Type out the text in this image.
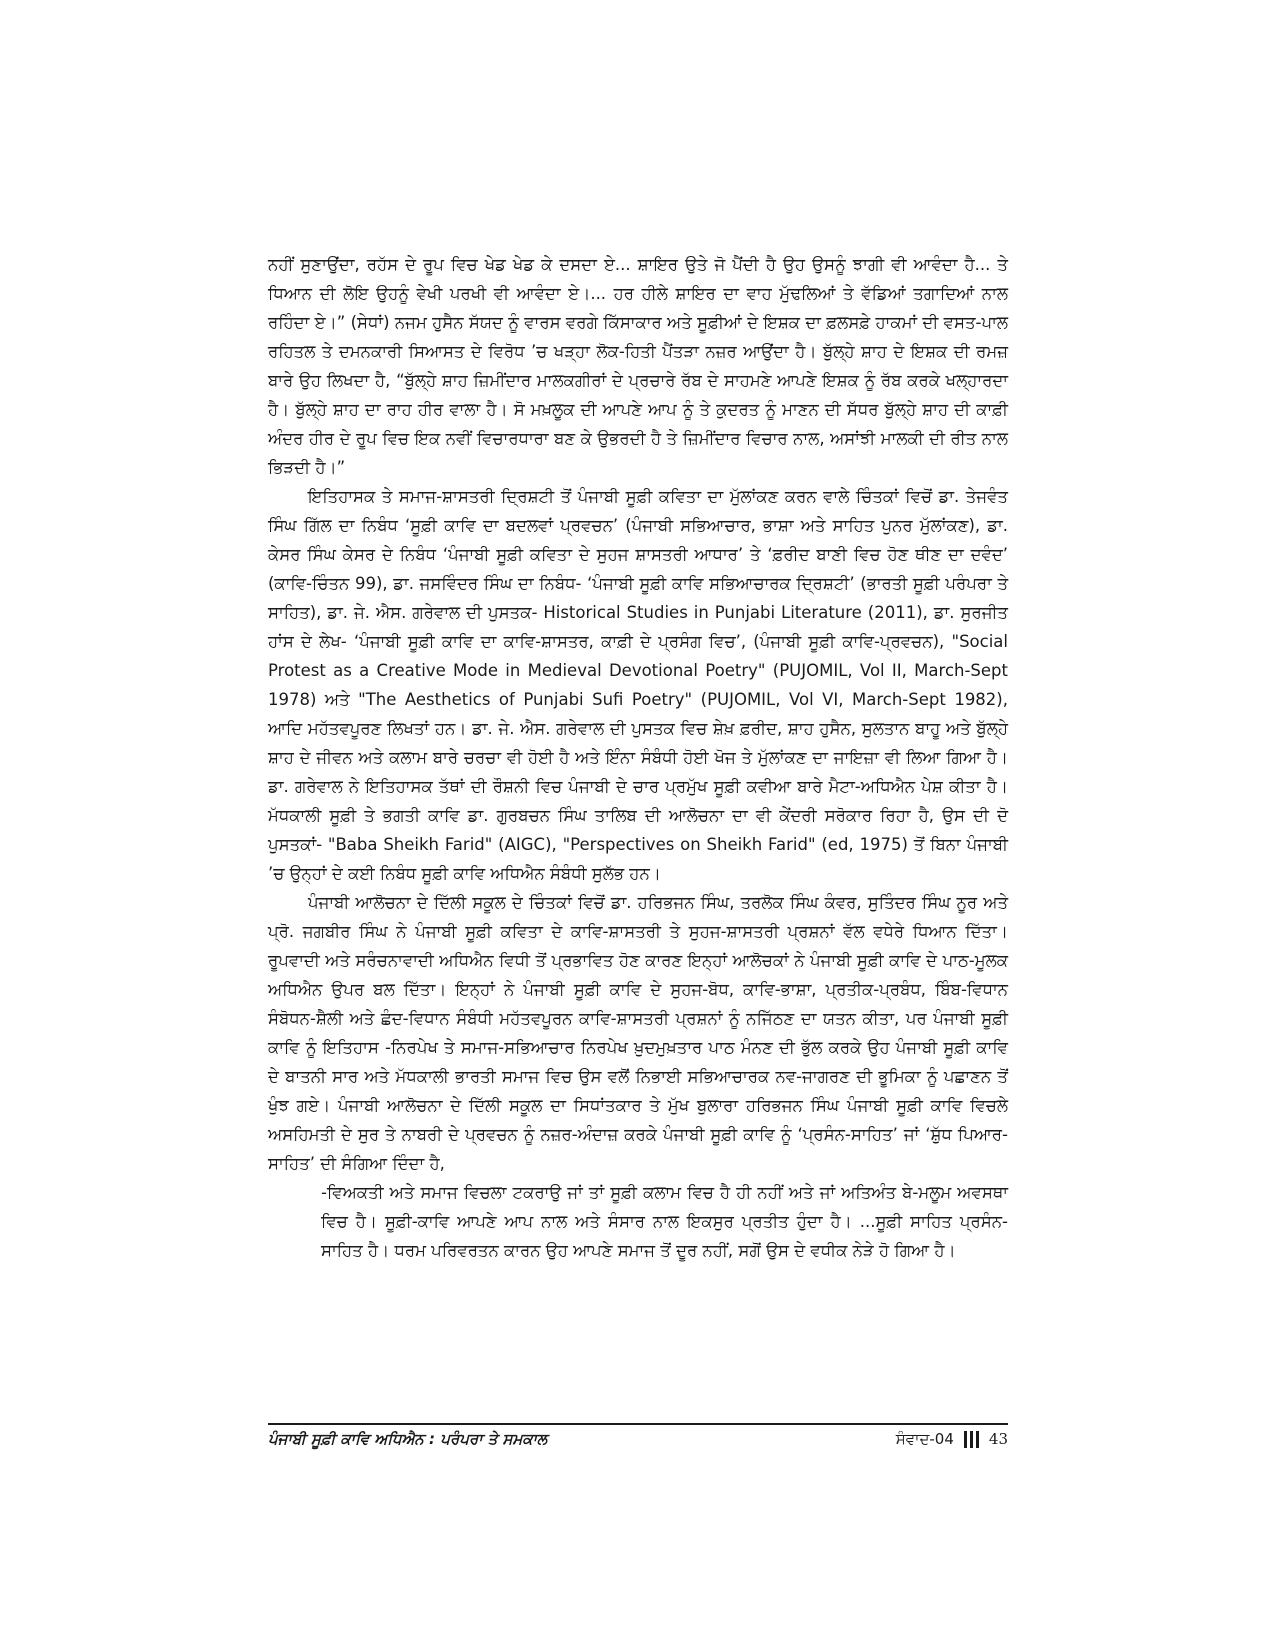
ਨਹੀਂ ਸੁਣਾਉਂਦਾ, ਰਹੱਸ ਦੇ ਰੂਪ ਵਿਚ ਖੇਡ ਖੇਡ ਕੇ ਦਸਦਾ ਏ... ਸ਼ਾਇਰ ਉਤੇ ਜੋ ਪੈਂਦੀ ਹੈ ਉਹ ਉਸਨੂੰ ਝਾਗੀ ਵੀ ਆਵੰਦਾ ਹੈ... ਤੇ ਧਿਆਨ ਦੀ ਲੋਇ ਉਹਨੂੰ ਵੇਖੀ ਪਰਖੀ ਵੀ ਆਵੰਦਾ ਏ।... ਹਰ ਹੀਲੇ ਸ਼ਾਇਰ ਦਾ ਵਾਹ ਮੁੱਢਲਿਆਂ ਤੇ ਵੱਡਿਆਂ ਤਗਾਦਿਆਂ ਨਾਲ ਰਹਿੰਦਾ ਏ।” (ਸੇਧਾਂ) ਨਜਮ ਹੁਸੈਨ ਸੱਯਦ ਨੂੰ ਵਾਰਸ ਵਰਗੇ ਕਿੱਸਾਕਾਰ ਅਤੇ ਸੂਫ਼ੀਆਂ ਦੇ ਇਸ਼ਕ ਦਾ ਫ਼ਲਸਫ਼ੇ ਹਾਕਮਾਂ ਦੀ ਵਸਤ-ਪਾਲ ਰਹਿਤਲ ਤੇ ਦਮਨਕਾਰੀ ਸਿਆਸਤ ਦੇ ਵਿਰੋਧ ’ਚ ਖੜ੍ਹਾ ਲੋਕ-ਹਿਤੀ ਪੈਂਤੜਾ ਨਜ਼ਰ ਆਉਂਦਾ ਹੈ। ਬੁੱਲ੍ਹੇ ਸ਼ਾਹ ਦੇ ਇਸ਼ਕ ਦੀ ਰਮਜ਼ ਬਾਰੇ ਉਹ ਲਿਖਦਾ ਹੈ, “ਬੁੱਲ੍ਹੇ ਸ਼ਾਹ ਜ਼ਿਮੀਂਦਾਰ ਮਾਲਕਗੀਰਾਂ ਦੇ ਪ੍ਰਚਾਰੇ ਰੱਬ ਦੇ ਸਾਹਮਣੇ ਆਪਣੇ ਇਸ਼ਕ ਨੂੰ ਰੱਬ ਕਰਕੇ ਖਲ੍ਹਾਰਦਾ ਹੈ। ਬੁੱਲ੍ਹੇ ਸ਼ਾਹ ਦਾ ਰਾਹ ਹੀਰ ਵਾਲਾ ਹੈ। ਸੋ ਮਖ਼ਲੂਕ ਦੀ ਆਪਣੇ ਆਪ ਨੂੰ ਤੇ ਕੁਦਰਤ ਨੂੰ ਮਾਣਨ ਦੀ ਸੱਧਰ ਬੁੱਲ੍ਹੇ ਸ਼ਾਹ ਦੀ ਕਾਫ਼ੀ ਅੰਦਰ ਹੀਰ ਦੇ ਰੂਪ ਵਿਚ ਇਕ ਨਵੀਂ ਵਿਚਾਰਧਾਰਾ ਬਣ ਕੇ ਉਭਰਦੀ ਹੈ ਤੇ ਜ਼ਿਮੀਂਦਾਰ ਵਿਚਾਰ ਨਾਲ, ਅਸਾਂਝੀ ਮਾਲਕੀ ਦੀ ਰੀਤ ਨਾਲ ਭਿੜਦੀ ਹੈ।”

ਇਤਿਹਾਸਕ ਤੇ ਸਮਾਜ-ਸ਼ਾਸਤਰੀ ਦ੍ਰਿਸ਼ਟੀ ਤੋਂ ਪੰਜਾਬੀ ਸੂਫ਼ੀ ਕਵਿਤਾ ਦਾ ਮੁੱਲਾਂਕਣ ਕਰਨ ਵਾਲੇ ਚਿੰਤਕਾਂ ਵਿਚੋਂ ਡਾ. ਤੇਜਵੰਤ ਸਿੰਘ ਗਿੱਲ ਦਾ ਨਿਬੰਧ ‘ਸੂਫ਼ੀ ਕਾਵਿ ਦਾ ਬਦਲਵਾਂ ਪ੍ਰਵਚਨ’ (ਪੰਜਾਬੀ ਸਭਿਆਚਾਰ, ਭਾਸ਼ਾ ਅਤੇ ਸਾਹਿਤ ਪੁਨਰ ਮੁੱਲਾਂਕਣ), ਡਾ. ਕੇਸਰ ਸਿੰਘ ਕੇਸਰ ਦੇ ਨਿਬੰਧ ‘ਪੰਜਾਬੀ ਸੂਫ਼ੀ ਕਵਿਤਾ ਦੇ ਸੁਹਜ ਸ਼ਾਸਤਰੀ ਆਧਾਰ’ ਤੇ ‘ਫ਼ਰੀਦ ਬਾਣੀ ਵਿਚ ਹੋਣ ਥੀਣ ਦਾ ਦਵੰਦ’ (ਕਾਵਿ-ਚਿੰਤਨ 99), ਡਾ. ਜਸਵਿੰਦਰ ਸਿੰਘ ਦਾ ਨਿਬੰਧ- ‘ਪੰਜਾਬੀ ਸੂਫ਼ੀ ਕਾਵਿ ਸਭਿਆਚਾਰਕ ਦ੍ਰਿਸ਼ਟੀ’ (ਭਾਰਤੀ ਸੂਫ਼ੀ ਪਰੰਪਰਾ ਤੇ ਸਾਹਿਤ), ਡਾ. ਜੇ. ਐਸ. ਗਰੇਵਾਲ ਦੀ ਪੁਸਤਕ- Historical Studies in Punjabi Literature (2011), ਡਾ. ਸੁਰਜੀਤ ਹਾਂਸ ਦੇ ਲੇਖ- ‘ਪੰਜਾਬੀ ਸੂਫ਼ੀ ਕਾਵਿ ਦਾ ਕਾਵਿ-ਸ਼ਾਸਤਰ, ਕਾਫ਼ੀ ਦੇ ਪ੍ਰਸੰਗ ਵਿਚ’, (ਪੰਜਾਬੀ ਸੂਫ਼ੀ ਕਾਵਿ-ਪ੍ਰਵਚਨ), "Social Protest as a Creative Mode in Medieval Devotional Poetry" (PUJOMIL, Vol II, March-Sept 1978) ਅਤੇ "The Aesthetics of Punjabi Sufi Poetry" (PUJOMIL, Vol VI, March-Sept 1982), ਆਦਿ ਮਹੱਤਵਪੂਰਣ ਲਿਖਤਾਂ ਹਨ। ਡਾ. ਜੇ. ਐਸ. ਗਰੇਵਾਲ ਦੀ ਪੁਸਤਕ ਵਿਚ ਸ਼ੇਖ਼ ਫ਼ਰੀਦ, ਸ਼ਾਹ ਹੁਸੈਨ, ਸੁਲਤਾਨ ਬਾਹੂ ਅਤੇ ਬੁੱਲ੍ਹੇ ਸ਼ਾਹ ਦੇ ਜੀਵਨ ਅਤੇ ਕਲਾਮ ਬਾਰੇ ਚਰਚਾ ਵੀ ਹੋਈ ਹੈ ਅਤੇ ਇੰਨਾ ਸੰਬੰਧੀ ਹੋਈ ਖੋਜ ਤੇ ਮੁੱਲਾਂਕਣ ਦਾ ਜਾਇਜ਼ਾ ਵੀ ਲਿਆ ਗਿਆ ਹੈ। ਡਾ. ਗਰੇਵਾਲ ਨੇ ਇਤਿਹਾਸਕ ਤੱਥਾਂ ਦੀ ਰੌਸ਼ਨੀ ਵਿਚ ਪੰਜਾਬੀ ਦੇ ਚਾਰ ਪ੍ਰਮੁੱਖ ਸੂਫ਼ੀ ਕਵੀਆ ਬਾਰੇ ਮੈਟਾ-ਅਧਿਐਨ ਪੇਸ਼ ਕੀਤਾ ਹੈ। ਮੱਧਕਾਲੀ ਸੂਫ਼ੀ ਤੇ ਭਗਤੀ ਕਾਵਿ ਡਾ. ਗੁਰਬਚਨ ਸਿੰਘ ਤਾਲਿਬ ਦੀ ਆਲੋਚਨਾ ਦਾ ਵੀ ਕੇਂਦਰੀ ਸਰੋਕਾਰ ਰਿਹਾ ਹੈ, ਉਸ ਦੀ ਦੋ ਪੁਸਤਕਾਂ- "Baba Sheikh Farid" (AIGC), "Perspectives on Sheikh Farid" (ed, 1975) ਤੋਂ ਬਿਨਾ ਪੰਜਾਬੀ ’ਚ ਉਨ੍ਹਾਂ ਦੇ ਕਈ ਨਿਬੰਧ ਸੂਫ਼ੀ ਕਾਵਿ ਅਧਿਐਨ ਸੰਬੰਧੀ ਸੁਲੱਭ ਹਨ।

ਪੰਜਾਬੀ ਆਲੋਚਨਾ ਦੇ ਦਿੱਲੀ ਸਕੂਲ ਦੇ ਚਿੰਤਕਾਂ ਵਿਚੋਂ ਡਾ. ਹਰਿਭਜਨ ਸਿੰਘ, ਤਰਲੋਕ ਸਿੰਘ ਕੰਵਰ, ਸੁਤਿੰਦਰ ਸਿੰਘ ਨੂਰ ਅਤੇ ਪ੍ਰੋ. ਜਗਬੀਰ ਸਿੰਘ ਨੇ ਪੰਜਾਬੀ ਸੂਫ਼ੀ ਕਵਿਤਾ ਦੇ ਕਾਵਿ-ਸ਼ਾਸਤਰੀ ਤੇ ਸੁਹਜ-ਸ਼ਾਸਤਰੀ ਪ੍ਰਸ਼ਨਾਂ ਵੱਲ ਵਧੇਰੇ ਧਿਆਨ ਦਿੱਤਾ। ਰੂਪਵਾਦੀ ਅਤੇ ਸਰੰਚਨਾਵਾਦੀ ਅਧਿਐਨ ਵਿਧੀ ਤੋਂ ਪ੍ਰਭਾਵਿਤ ਹੋਣ ਕਾਰਣ ਇਨ੍ਹਾਂ ਆਲੋਚਕਾਂ ਨੇ ਪੰਜਾਬੀ ਸੂਫ਼ੀ ਕਾਵਿ ਦੇ ਪਾਠ-ਮੂਲਕ ਅਧਿਐਨ ਉਪਰ ਬਲ ਦਿੱਤਾ। ਇਨ੍ਹਾਂ ਨੇ ਪੰਜਾਬੀ ਸੂਫ਼ੀ ਕਾਵਿ ਦੇ ਸੁਹਜ-ਬੋਧ, ਕਾਵਿ-ਭਾਸ਼ਾ, ਪ੍ਰਤੀਕ-ਪ੍ਰਬੰਧ, ਬਿੰਬ-ਵਿਧਾਨ ਸੰਬੋਧਨ-ਸ਼ੈਲੀ ਅਤੇ ਛੰਦ-ਵਿਧਾਨ ਸੰਬੰਧੀ ਮਹੱਤਵਪੂਰਨ ਕਾਵਿ-ਸ਼ਾਸਤਰੀ ਪ੍ਰਸ਼ਨਾਂ ਨੂੰ ਨਜਿੱਠਣ ਦਾ ਯਤਨ ਕੀਤਾ, ਪਰ ਪੰਜਾਬੀ ਸੂਫ਼ੀ ਕਾਵਿ ਨੂੰ ਇਤਿਹਾਸ -ਨਿਰਪੇਖ ਤੇ ਸਮਾਜ-ਸਭਿਆਚਾਰ ਨਿਰਪੇਖ ਖ਼ੁਦਮੁਖ਼ਤਾਰ ਪਾਠ ਮੰਨਣ ਦੀ ਭੁੱਲ ਕਰਕੇ ਉਹ ਪੰਜਾਬੀ ਸੂਫ਼ੀ ਕਾਵਿ ਦੇ ਬਾਤਨੀ ਸਾਰ ਅਤੇ ਮੱਧਕਾਲੀ ਭਾਰਤੀ ਸਮਾਜ ਵਿਚ ਉਸ ਵਲੋਂ ਨਿਭਾਈ ਸਭਿਆਚਾਰਕ ਨਵ-ਜਾਗਰਣ ਦੀ ਭੂਮਿਕਾ ਨੂੰ ਪਛਾਣਨ ਤੋਂ ਖੁੰਝ ਗਏ। ਪੰਜਾਬੀ ਆਲੋਚਨਾ ਦੇ ਦਿੱਲੀ ਸਕੂਲ ਦਾ ਸਿਧਾਂਤਕਾਰ ਤੇ ਮੁੱਖ ਬੁਲਾਰਾ ਹਰਿਭਜਨ ਸਿੰਘ ਪੰਜਾਬੀ ਸੂਫ਼ੀ ਕਾਵਿ ਵਿਚਲੇ ਅਸਹਿਮਤੀ ਦੇ ਸੁਰ ਤੇ ਨਾਬਰੀ ਦੇ ਪ੍ਰਵਚਨ ਨੂੰ ਨਜ਼ਰ-ਅੰਦਾਜ਼ ਕਰਕੇ ਪੰਜਾਬੀ ਸੂਫ਼ੀ ਕਾਵਿ ਨੂੰ ‘ਪ੍ਰਸੰਨ-ਸਾਹਿਤ’ ਜਾਂ ‘ਸ਼ੁੱਧ ਪਿਆਰ-ਸਾਹਿਤ’ ਦੀ ਸੰਗਿਆ ਦਿੰਦਾ ਹੈ,

-ਵਿਅਕਤੀ ਅਤੇ ਸਮਾਜ ਵਿਚਲਾ ਟਕਰਾਉ ਜਾਂ ਤਾਂ ਸੂਫ਼ੀ ਕਲਾਮ ਵਿਚ ਹੈ ਹੀ ਨਹੀਂ ਅਤੇ ਜਾਂ ਅਤਿਅੰਤ ਬੇ-ਮਲੂਮ ਅਵਸਥਾ ਵਿਚ ਹੈ। ਸੂਫ਼ੀ-ਕਾਵਿ ਆਪਣੇ ਆਪ ਨਾਲ ਅਤੇ ਸੰਸਾਰ ਨਾਲ ਇਕਸੁਰ ਪ੍ਰਤੀਤ ਹੁੰਦਾ ਹੈ। ...ਸੂਫ਼ੀ ਸਾਹਿਤ ਪ੍ਰਸੰਨ-ਸਾਹਿਤ ਹੈ। ਧਰਮ ਪਰਿਵਰਤਨ ਕਾਰਨ ਉਹ ਆਪਣੇ ਸਮਾਜ ਤੋਂ ਦੂਰ ਨਹੀਂ, ਸਗੋਂ ਉਸ ਦੇ ਵਧੀਕ ਨੇੜੇ ਹੋ ਗਿਆ ਹੈ।

ਪੰਜਾਬੀ ਸੂਫ਼ੀ ਕਾਵਿ ਅਧਿਐਨ : ਪਰੰਪਰਾ ਤੇ ਸਮਕਾਲ	ਸੰਵਾਦ-04 43
